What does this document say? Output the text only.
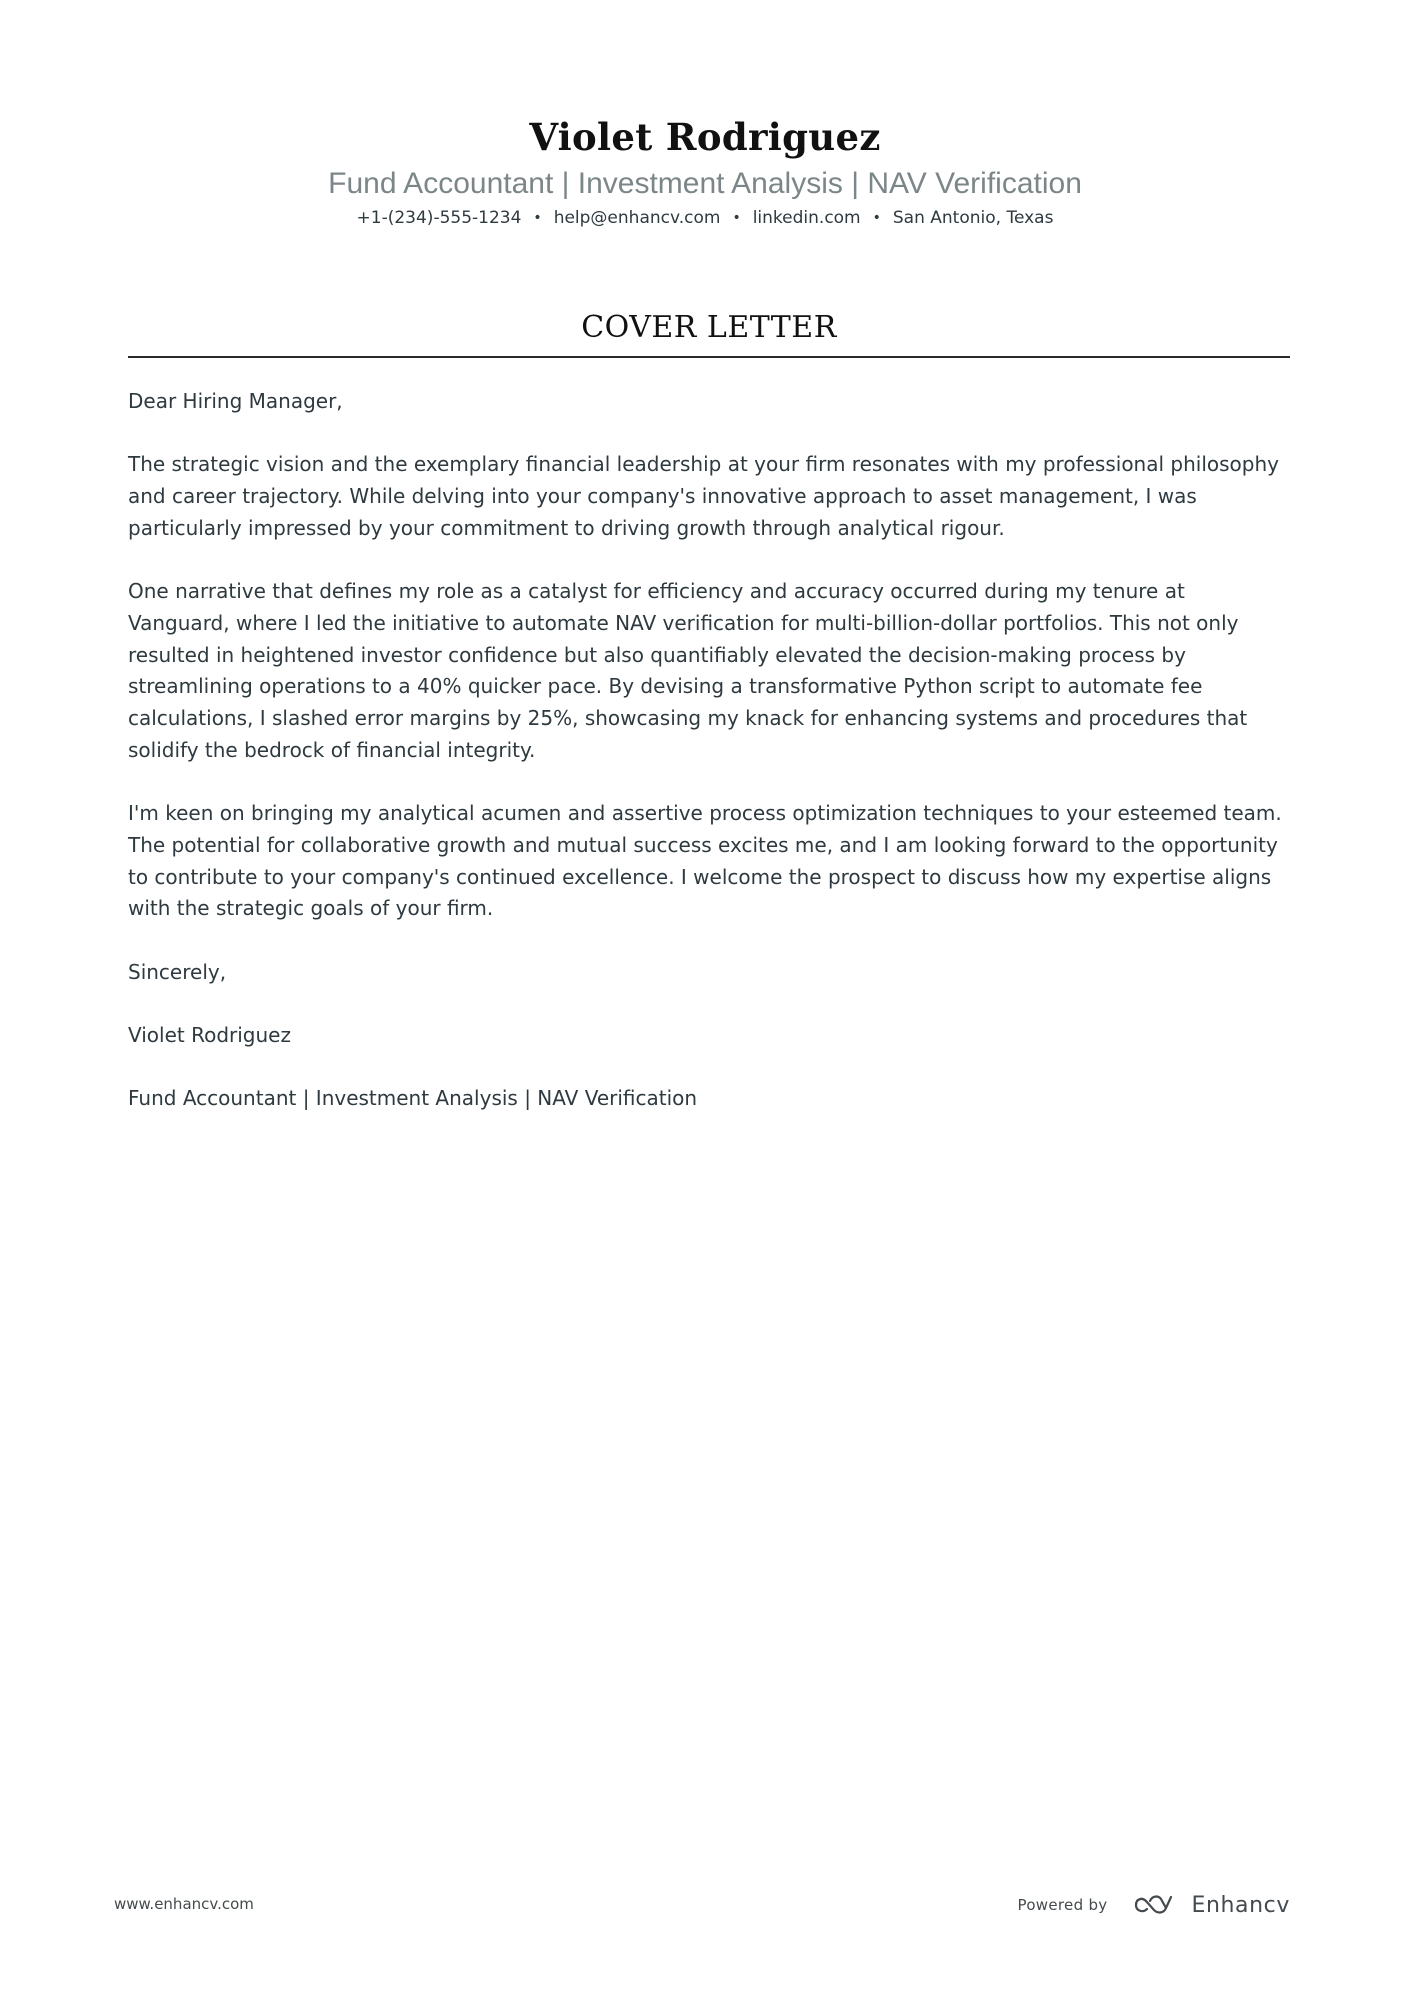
Violet Rodriguez
Fund Accountant | Investment Analysis | NAV Verification
+1-(234)-555-1234 • help@enhancv.com • linkedin.com • San Antonio, Texas
COVER LETTER

Dear Hiring Manager,

The strategic vision and the exemplary financial leadership at your firm resonates with my professional philosophy and career trajectory. While delving into your company's innovative approach to asset management, I was particularly impressed by your commitment to driving growth through analytical rigour.

One narrative that defines my role as a catalyst for efficiency and accuracy occurred during my tenure at Vanguard, where I led the initiative to automate NAV verification for multi-billion-dollar portfolios. This not only resulted in heightened investor confidence but also quantifiably elevated the decision-making process by streamlining operations to a 40% quicker pace. By devising a transformative Python script to automate fee calculations, I slashed error margins by 25%, showcasing my knack for enhancing systems and procedures that solidify the bedrock of financial integrity.

I'm keen on bringing my analytical acumen and assertive process optimization techniques to your esteemed team. The potential for collaborative growth and mutual success excites me, and I am looking forward to the opportunity to contribute to your company's continued excellence. I welcome the prospect to discuss how my expertise aligns with the strategic goals of your firm.

Sincerely,

Violet Rodriguez

Fund Accountant | Investment Analysis | NAV Verification

www.enhancv.com	Powered by	Enhancv
